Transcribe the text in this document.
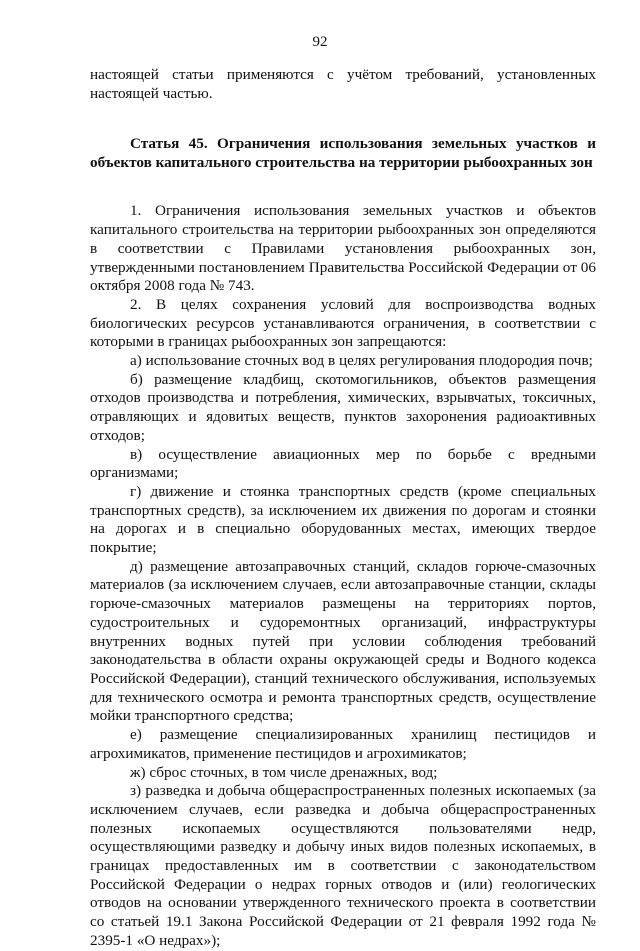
92

настоящей статьи применяются с учётом требований, установленных настоящей частью.

Статья 45. Ограничения использования земельных участков и объектов капитального строительства на территории рыбоохранных зон

1. Ограничения использования земельных участков и объектов капитального строительства на территории рыбоохранных зон определяются в соответствии с Правилами установления рыбоохранных зон, утвержденными постановлением Правительства Российской Федерации от 06 октября 2008 года № 743.

2. В целях сохранения условий для воспроизводства водных биологических ресурсов устанавливаются ограничения, в соответствии с которыми в границах рыбоохранных зон запрещаются:

а) использование сточных вод в целях регулирования плодородия почв;

б) размещение кладбищ, скотомогильников, объектов размещения отходов производства и потребления, химических, взрывчатых, токсичных, отравляющих и ядовитых веществ, пунктов захоронения радиоактивных отходов;

в) осуществление авиационных мер по борьбе с вредными организмами;

г) движение и стоянка транспортных средств (кроме специальных транспортных средств), за исключением их движения по дорогам и стоянки на дорогах и в специально оборудованных местах, имеющих твердое покрытие;

д) размещение автозаправочных станций, складов горюче-смазочных материалов (за исключением случаев, если автозаправочные станции, склады горюче-смазочных материалов размещены на территориях портов, судостроительных и судоремонтных организаций, инфраструктуры внутренних водных путей при условии соблюдения требований законодательства в области охраны окружающей среды и Водного кодекса Российской Федерации), станций технического обслуживания, используемых для технического осмотра и ремонта транспортных средств, осуществление мойки транспортного средства;

е) размещение специализированных хранилищ пестицидов и агрохимикатов, применение пестицидов и агрохимикатов;

ж) сброс сточных, в том числе дренажных, вод;

з) разведка и добыча общераспространенных полезных ископаемых (за исключением случаев, если разведка и добыча общераспространенных полезных ископаемых осуществляются пользователями недр, осуществляющими разведку и добычу иных видов полезных ископаемых, в границах предоставленных им в соответствии с законодательством Российской Федерации о недрах горных отводов и (или) геологических отводов на основании утвержденного технического проекта в соответствии со статьей 19.1 Закона Российской Федерации от 21 февраля 1992 года № 2395-1 «О недрах»);
